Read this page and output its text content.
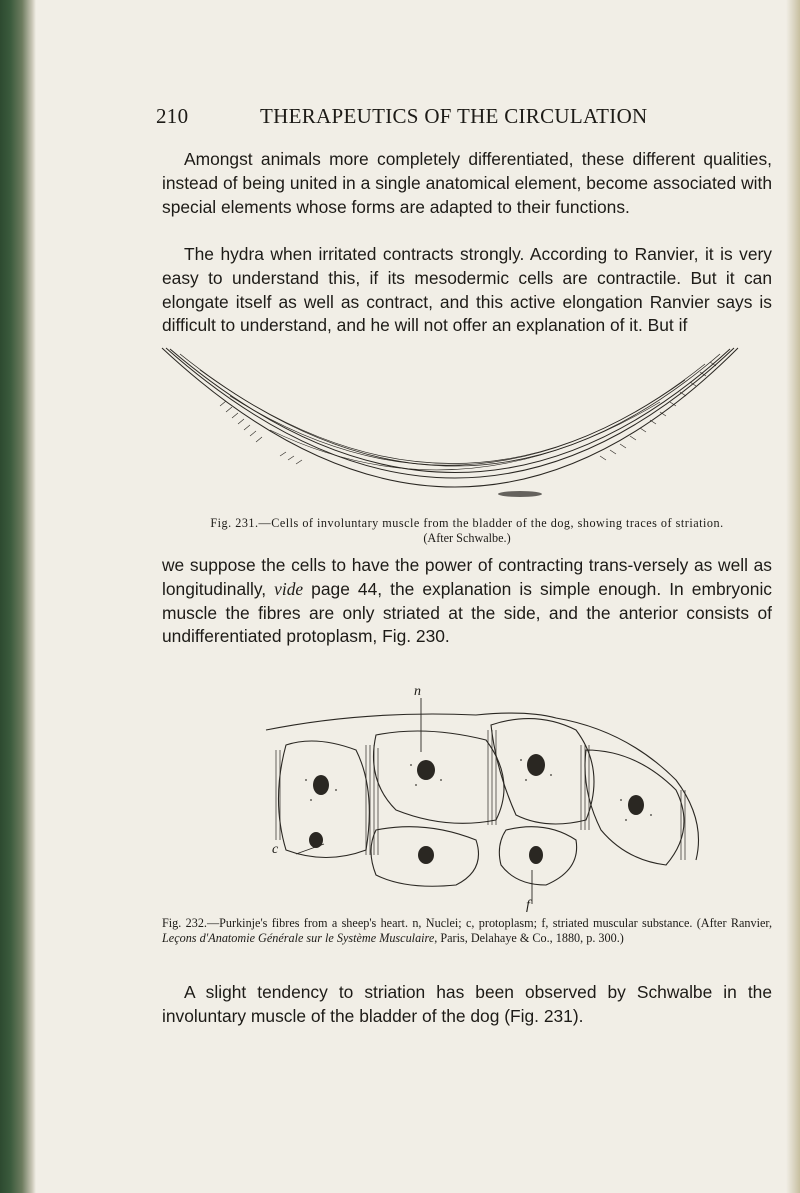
210	THERAPEUTICS OF THE CIRCULATION

Amongst animals more completely differentiated, these different qualities, instead of being united in a single anatomical element, become associated with special elements whose forms are adapted to their functions.

The hydra when irritated contracts strongly. According to Ranvier, it is very easy to understand this, if its mesodermic cells are contractile. But it can elongate itself as well as contract, and this active elongation Ranvier says is difficult to understand, and he will not offer an explanation of it. But if

Fig. 231.—Cells of involuntary muscle from the bladder of the dog, showing traces of striation.
(After Schwalbe.)

we suppose the cells to have the power of contracting trans-versely as well as longitudinally, vide page 44, the explanation is simple enough. In embryonic muscle the fibres are only striated at the side, and the anterior consists of undifferentiated protoplasm, Fig. 230.

n
c
f

Fig. 232.—Purkinje's fibres from a sheep's heart. n, Nuclei; c, protoplasm; f, striated muscular substance. (After Ranvier, Leçons d'Anatomie Générale sur le Système Musculaire, Paris, Delahaye & Co., 1880, p. 300.)

A slight tendency to striation has been observed by Schwalbe in the involuntary muscle of the bladder of the dog (Fig. 231).
